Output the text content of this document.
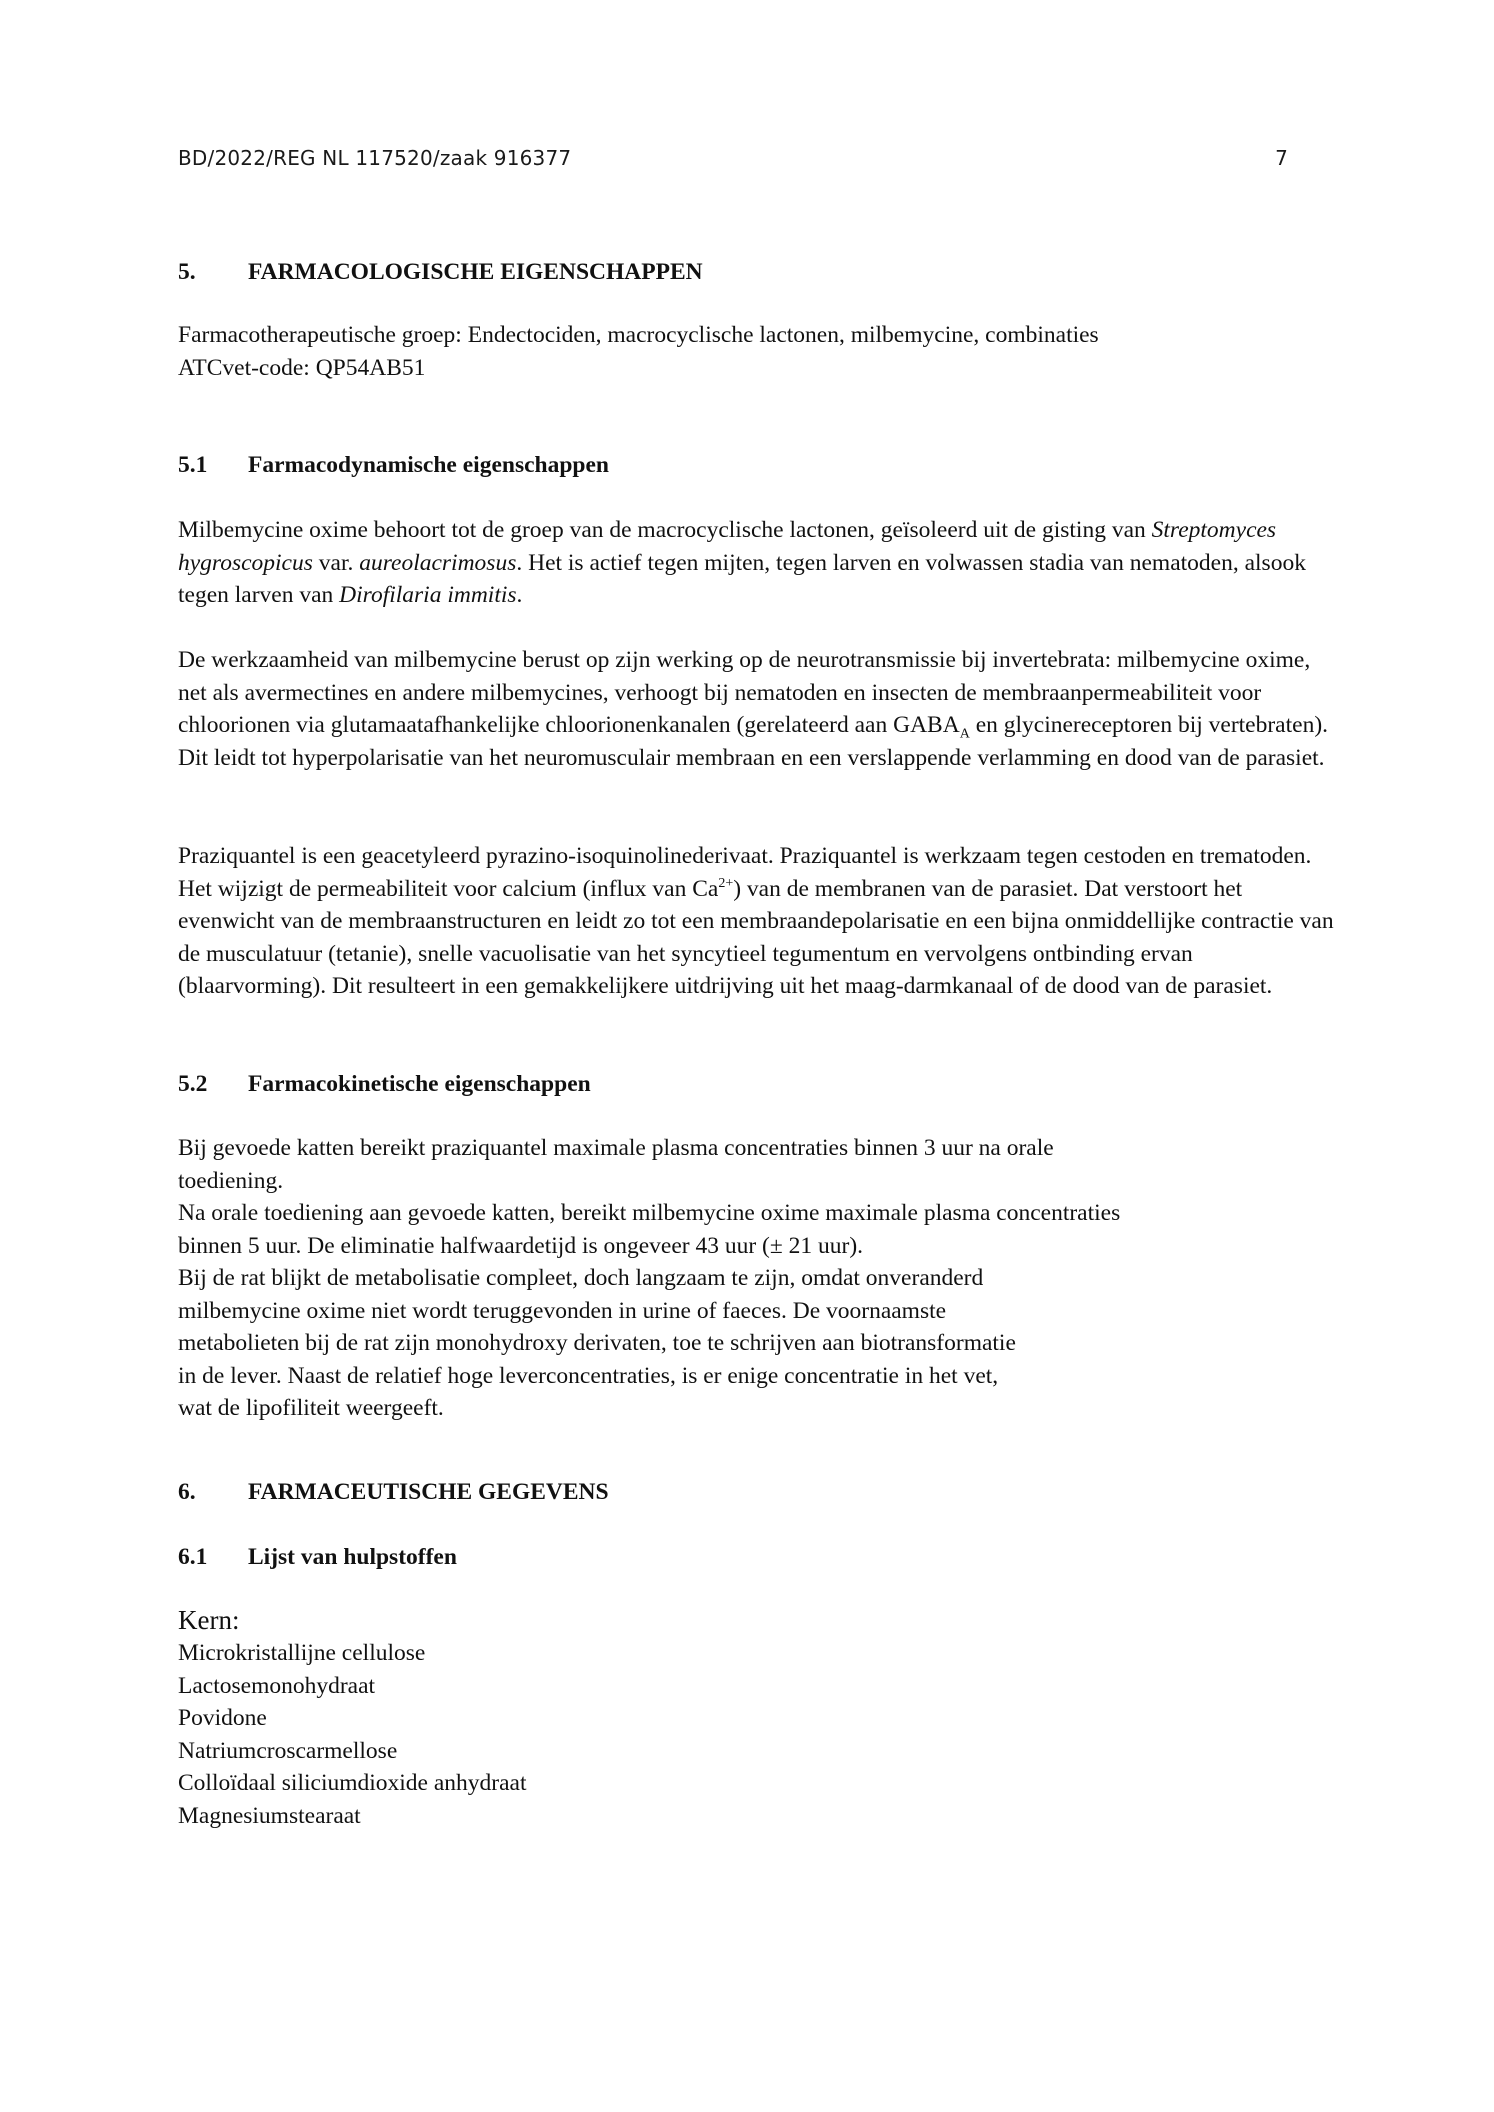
BD/2022/REG NL 117520/zaak 916377	7
5. FARMACOLOGISCHE EIGENSCHAPPEN
Farmacotherapeutische groep: Endectociden, macrocyclische lactonen, milbemycine, combinaties
ATCvet-code: QP54AB51
5.1 Farmacodynamische eigenschappen

Milbemycine oxime behoort tot de groep van de macrocyclische lactonen, geïsoleerd uit de gisting van Streptomyces hygroscopicus var. aureolacrimosus. Het is actief tegen mijten, tegen larven en volwassen stadia van nematoden, alsook tegen larven van Dirofilaria immitis.

De werkzaamheid van milbemycine berust op zijn werking op de neurotransmissie bij invertebrata: milbemycine oxime, net als avermectines en andere milbemycines, verhoogt bij nematoden en insecten de membraanpermeabiliteit voor chloorionen via glutamaatafhankelijke chloorionenkanalen (gerelateerd aan $GABA_A$ en glycinereceptoren bij vertebraten). Dit leidt tot hyperpolarisatie van het neuromusculair membraan en een verslappende verlamming en dood van de parasiet.

Praziquantel is een geacetyleerd pyrazino-isoquinolinederivaat. Praziquantel is werkzaam tegen cestoden en trematoden. Het wijzigt de permeabiliteit voor calcium (influx van $Ca^{2+}$) van de membranen van de parasiet. Dat verstoort het evenwicht van de membraanstructuren en leidt zo tot een membraandepolarisatie en een bijna onmiddellijke contractie van de musculatuur (tetanie), snelle vacuolisatie van het syncytieel tegumentum en vervolgens ontbinding ervan (blaarvorming). Dit resulteert in een gemakkelijkere uitdrijving uit het maag-darmkanaal of de dood van de parasiet.

5.2 Farmacokinetische eigenschappen
Bij gevoede katten bereikt praziquantel maximale plasma concentraties binnen 3 uur na orale
toediening.
Na orale toediening aan gevoede katten, bereikt milbemycine oxime maximale plasma concentraties
binnen 5 uur. De eliminatie halfwaardetijd is ongeveer 43 uur (± 21 uur).
Bij de rat blijkt de metabolisatie compleet, doch langzaam te zijn, omdat onveranderd
milbemycine oxime niet wordt teruggevonden in urine of faeces. De voornaamste
metabolieten bij de rat zijn monohydroxy derivaten, toe te schrijven aan biotransformatie
in de lever. Naast de relatief hoge leverconcentraties, is er enige concentratie in het vet,
wat de lipofiliteit weergeeft.
6. FARMACEUTISCHE GEGEVENS
6.1 Lijst van hulpstoffen
Kern:
Microkristallijne cellulose
Lactosemonohydraat
Povidone
Natriumcroscarmellose
Colloïdaal siliciumdioxide anhydraat
Magnesiumstearaat
